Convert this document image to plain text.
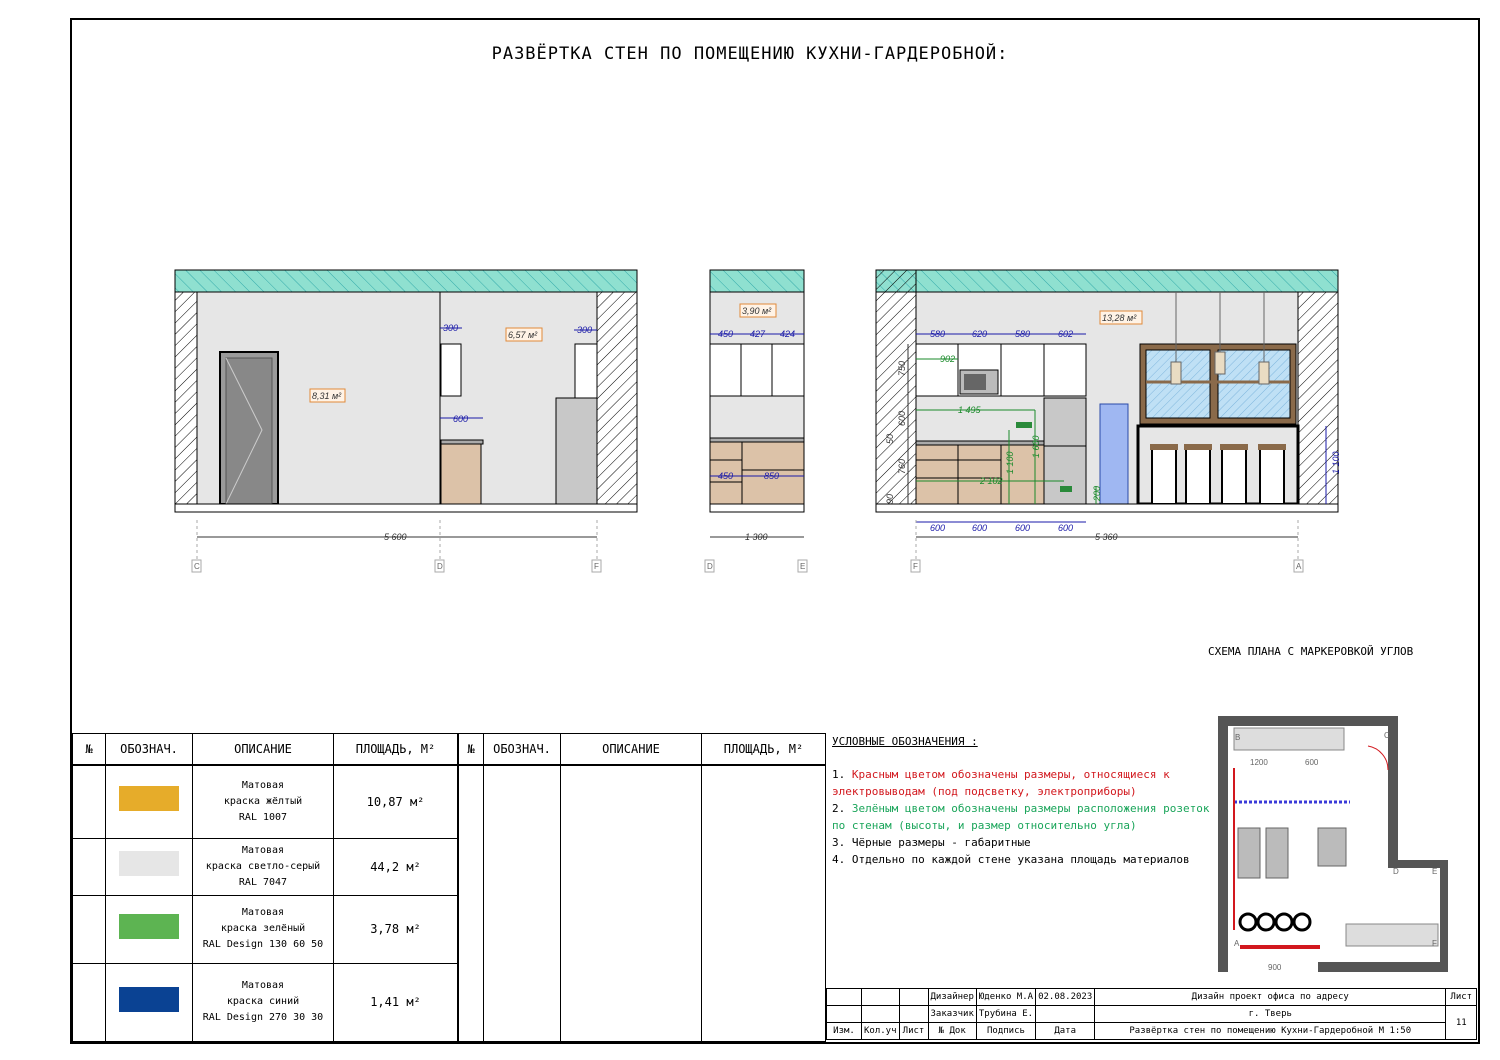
РАЗВЁРТКА СТЕН ПО ПОМЕЩЕНИЮ КУХНИ-ГАРДЕРОБНОЙ:
8,31 м²
6,57 м²
300	300
600
5 600
C	D	F
3,90 м²
450 427 424
450	850
1 300
D	E
13,28 м²
580	620	580	602
902
1 495
2 102
1 100
1 600
200
750
600
760
50
90
600	600	600	600
1 100
5 360
F	A
1200	600
B	C
D	E
F
A
900
СХЕМА ПЛАНА С МАРКЕРОВКОЙ УГЛОВ
УСЛОВНЫЕ ОБОЗНАЧЕНИЯ :
1. Красным цветом обозначены размеры, относящиеся к электровыводам (под подсветку, электроприборы)
2. Зелёным цветом обозначены размеры расположения розеток по стенам (высоты, и размер относительно угла)
3. Чёрные размеры - габаритные
4. Отдельно по каждой стене указана площадь материалов
№	ОБОЗНАЧ.	ОПИСАНИЕ	ПЛОЩАДЬ, М²

		Матовая
краска жёлтый
RAL 1007	10,87 м²

		Матовая
краска светло-серый
RAL 7047	44,2 м²

		Матовая
краска зелёный
RAL Design 130 60 50	3,78 м²

		Матовая
краска синий
RAL Design 270 30 30	1,41 м²
№	ОБОЗНАЧ.	ОПИСАНИЕ	ПЛОЩАДЬ, М²

			Дизайнер	Юденко М.А	02.08.2023	Дизайн проект офиса по адресу	Лист
			Заказчик	Трубина Е.		г. Тверь	11
Изм.	Кол.уч	Лист	№ Док	Подпись	Дата	Развёртка стен по помещению Кухни-Гардеробной М 1:50	
